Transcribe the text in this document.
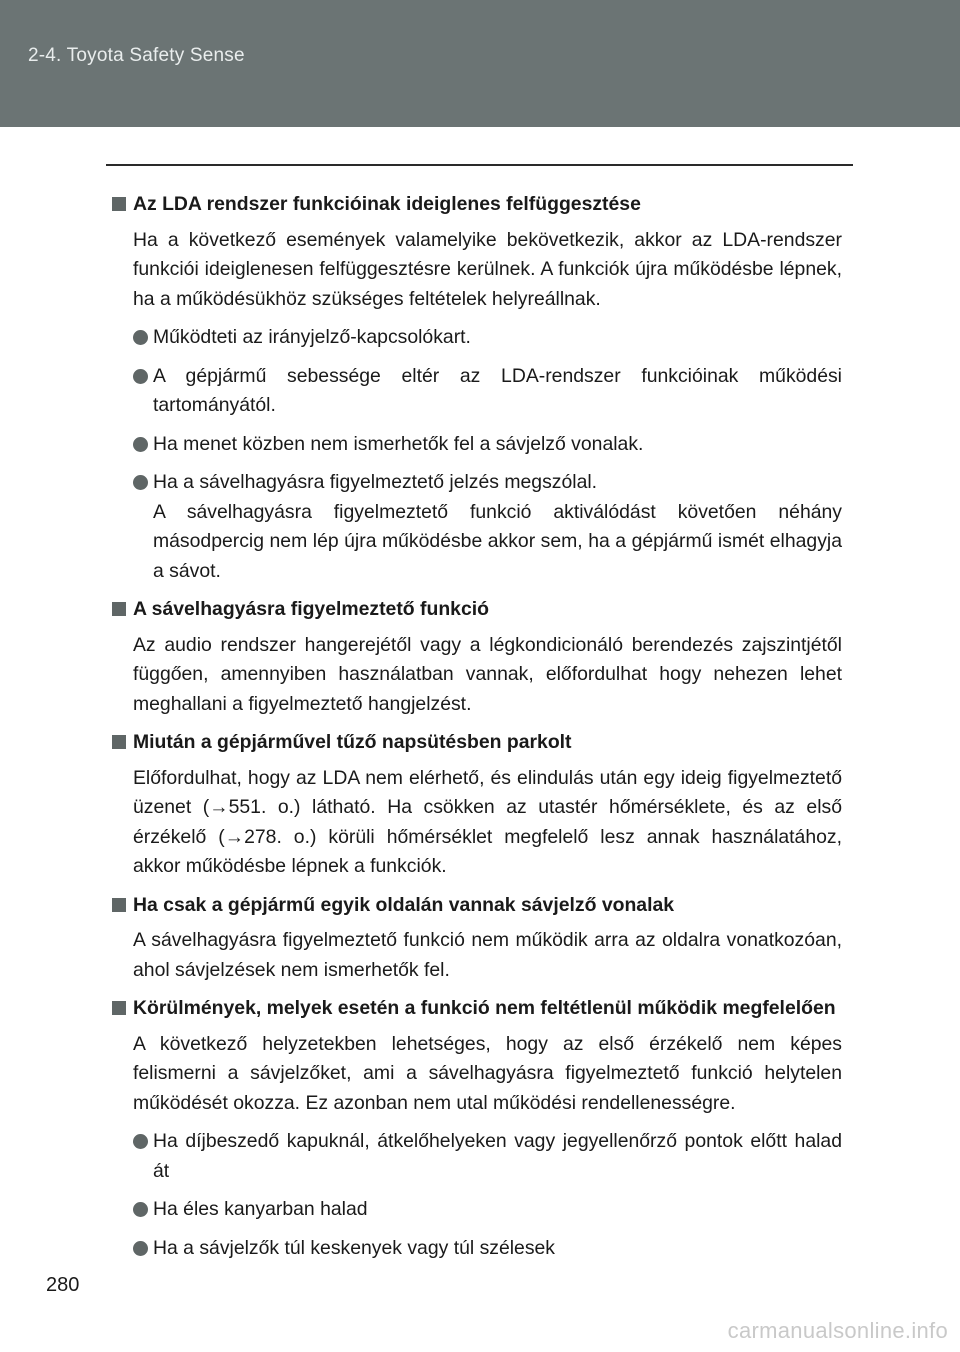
2-4. Toyota Safety Sense
Az LDA rendszer funkcióinak ideiglenes felfüggesztése
Ha a következő események valamelyike bekövetkezik, akkor az LDA-rendszer funkciói ideiglenesen felfüggesztésre kerülnek. A funkciók újra működésbe lépnek, ha a működésükhöz szükséges feltételek helyreállnak.
Működteti az irányjelző-kapcsolókart.
A gépjármű sebessége eltér az LDA-rendszer funkcióinak működési tartományától.
Ha menet közben nem ismerhetők fel a sávjelző vonalak.
Ha a sávelhagyásra figyelmeztető jelzés megszólal.
A sávelhagyásra figyelmeztető funkció aktiválódást követően néhány másodpercig nem lép újra működésbe akkor sem, ha a gépjármű ismét elhagyja a sávot.
A sávelhagyásra figyelmeztető funkció
Az audio rendszer hangerejétől vagy a légkondicionáló berendezés zajszintjétől függően, amennyiben használatban vannak, előfordulhat hogy nehezen lehet meghallani a figyelmeztető hangjelzést.
Miután a gépjárművel tűző napsütésben parkolt
Előfordulhat, hogy az LDA nem elérhető, és elindulás után egy ideig figyelmeztető üzenet (→551. o.) látható. Ha csökken az utastér hőmérséklete, és az első érzékelő (→278. o.) körüli hőmérséklet megfelelő lesz annak használatához, akkor működésbe lépnek a funkciók.
Ha csak a gépjármű egyik oldalán vannak sávjelző vonalak
A sávelhagyásra figyelmeztető funkció nem működik arra az oldalra vonatkozóan, ahol sávjelzések nem ismerhetők fel.
Körülmények, melyek esetén a funkció nem feltétlenül működik megfelelően
A következő helyzetekben lehetséges, hogy az első érzékelő nem képes felismerni a sávjelzőket, ami a sávelhagyásra figyelmeztető funkció helytelen működését okozza. Ez azonban nem utal működési rendellenességre.
Ha díjbeszedő kapuknál, átkelőhelyeken vagy jegyellenőrző pontok előtt halad át
Ha éles kanyarban halad
Ha a sávjelzők túl keskenyek vagy túl szélesek
280
carmanualsonline.info
